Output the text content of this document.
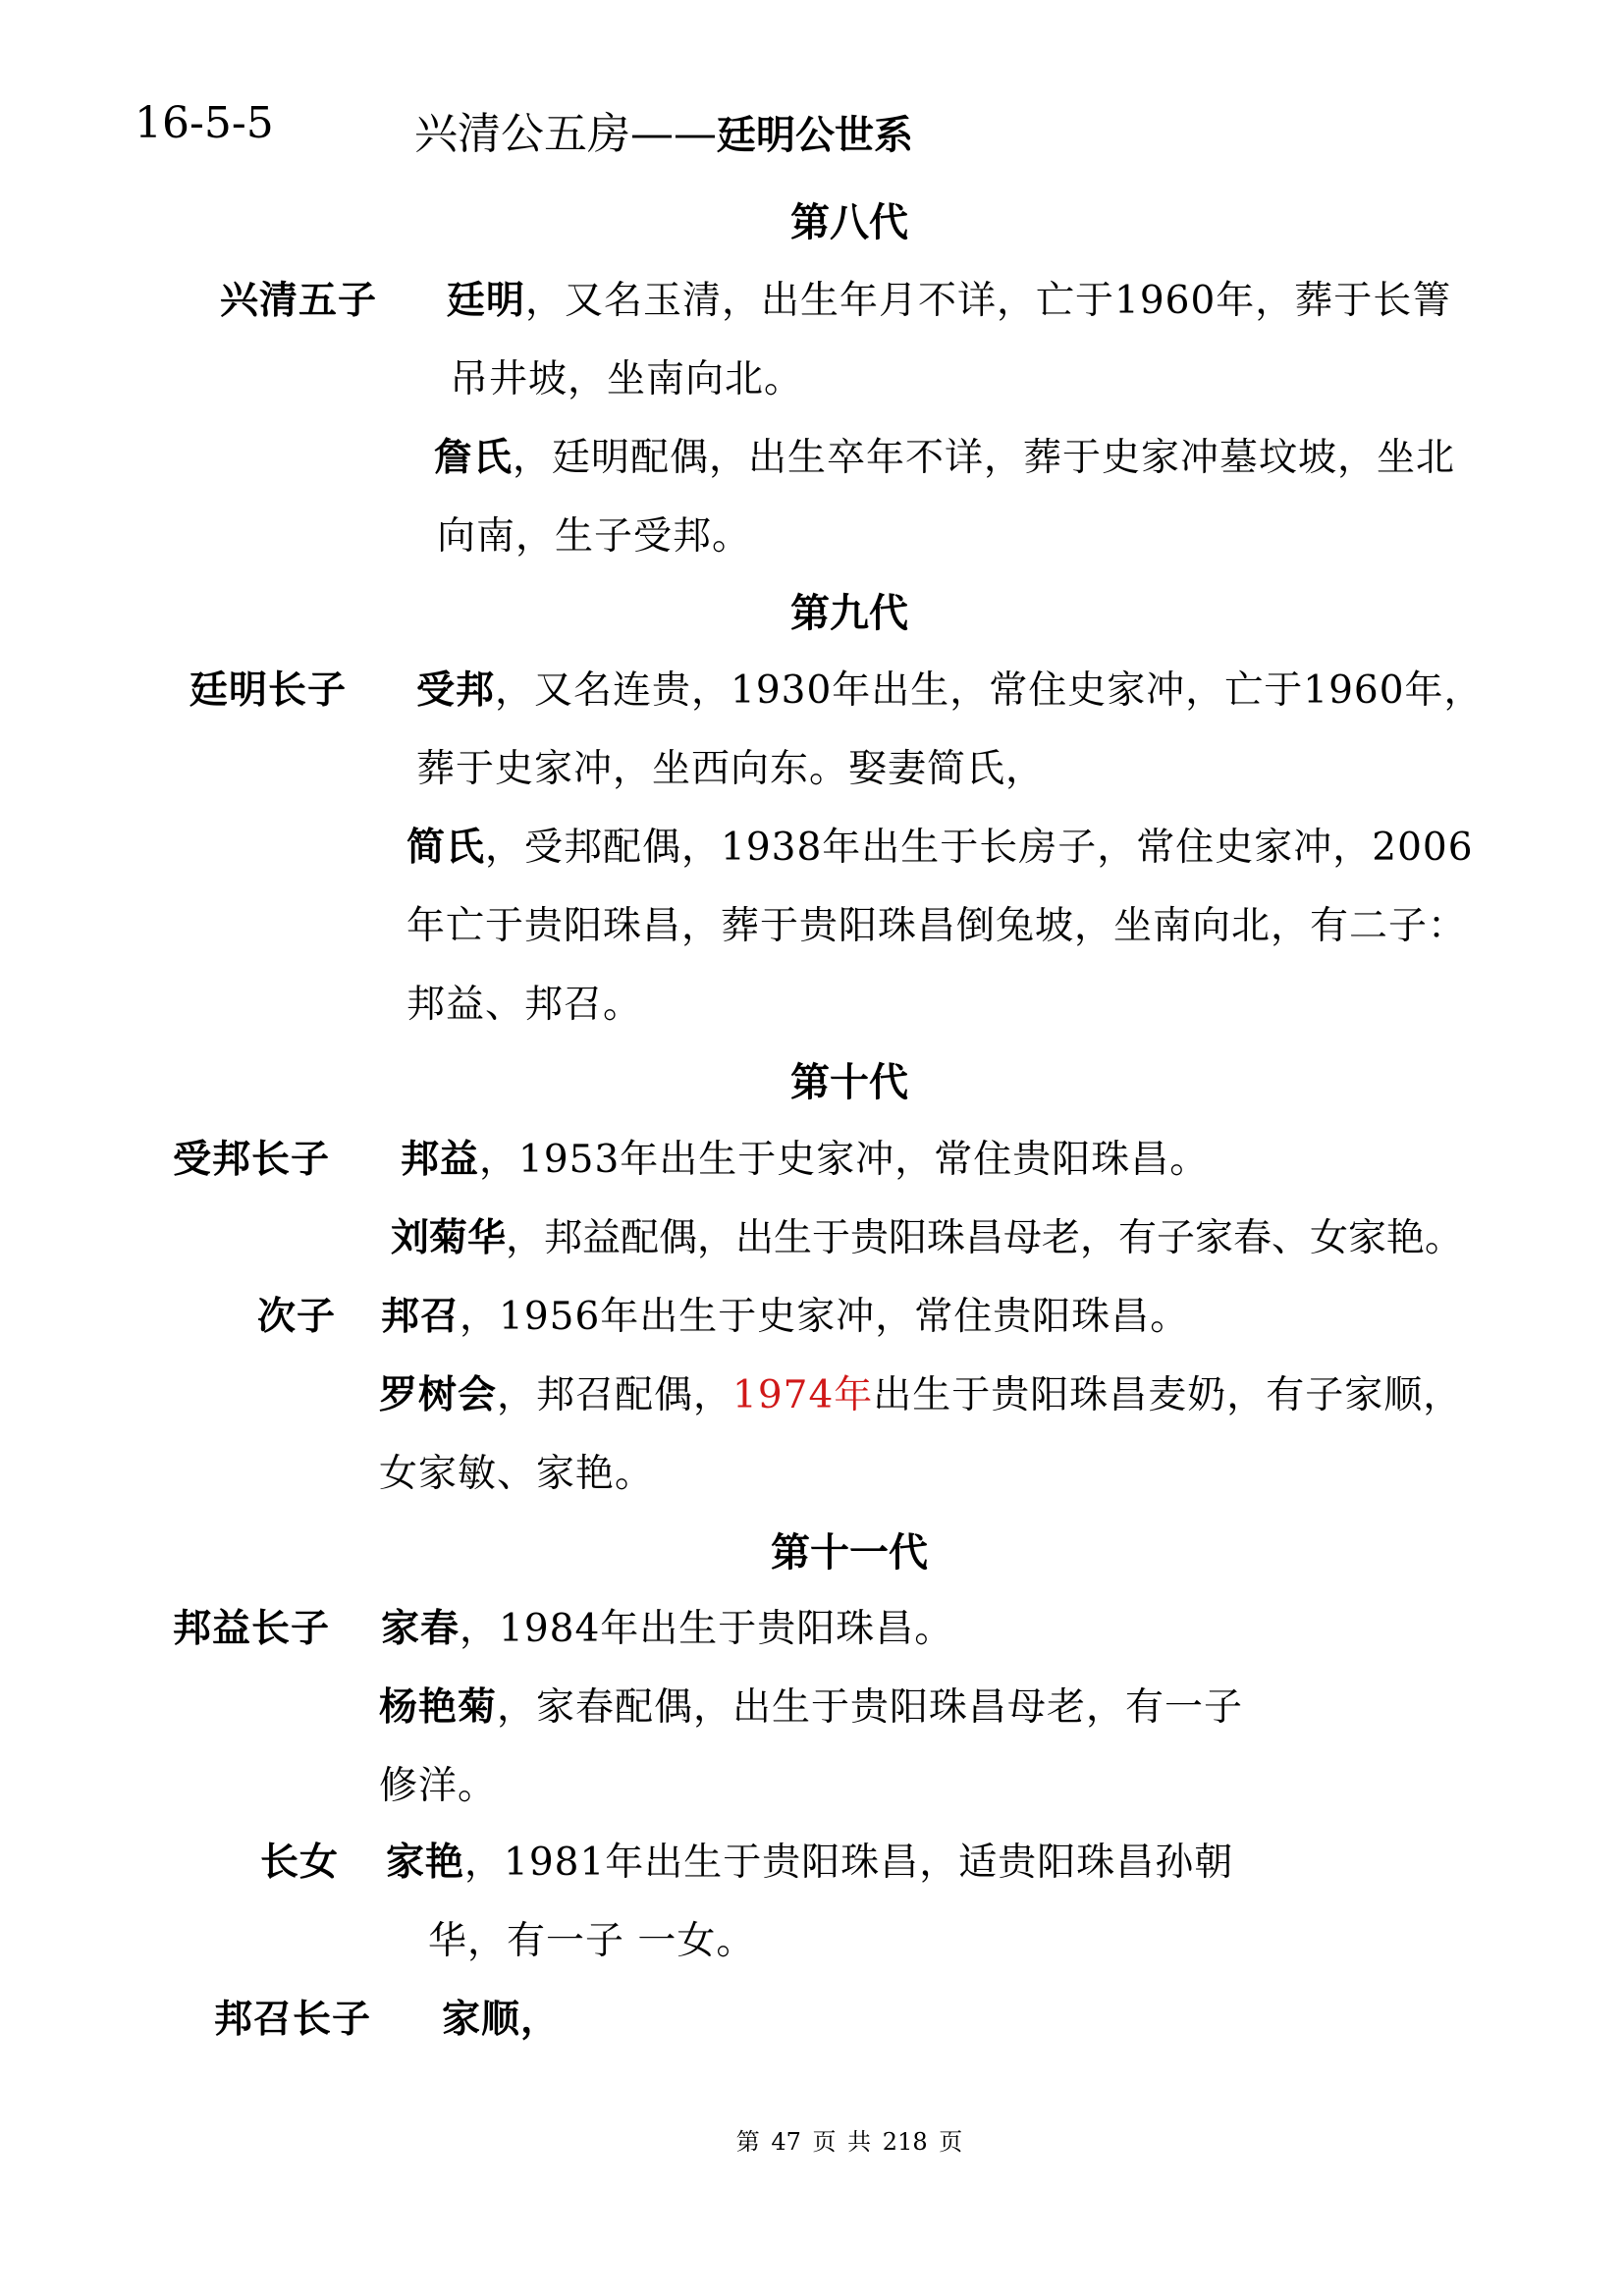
16-5-5	兴清公五房——廷明公世系
第八代
兴清五子 廷明，又名玉清，出生年月不详，亡于1960年，葬于长箐
吊井坡，坐南向北。
詹氏，廷明配偶，出生卒年不详，葬于史家冲墓坟坡，坐北
向南，生子受邦。
第九代
廷明长子 受邦，又名连贵，1930年出生，常住史家冲，亡于1960年，
葬于史家冲，坐西向东。娶妻简氏，
简氏，受邦配偶，1938年出生于长房子，常住史家冲，2006
年亡于贵阳珠昌，葬于贵阳珠昌倒兔坡，坐南向北，有二子：
邦益、邦召。
第十代
受邦长子 邦益，1953年出生于史家冲，常住贵阳珠昌。
刘菊华，邦益配偶，出生于贵阳珠昌母老，有子家春、女家艳。
次子 邦召，1956年出生于史家冲，常住贵阳珠昌。
罗树会，邦召配偶，1974年出生于贵阳珠昌麦奶，有子家顺，
女家敏、家艳。
第十一代
邦益长子 家春，1984年出生于贵阳珠昌。
杨艳菊，家春配偶，出生于贵阳珠昌母老，有一子
修洋。
长女 家艳，1981年出生于贵阳珠昌，适贵阳珠昌孙朝
华，有一子 一女。
邦召长子 家顺，
第 47 页 共 218 页
